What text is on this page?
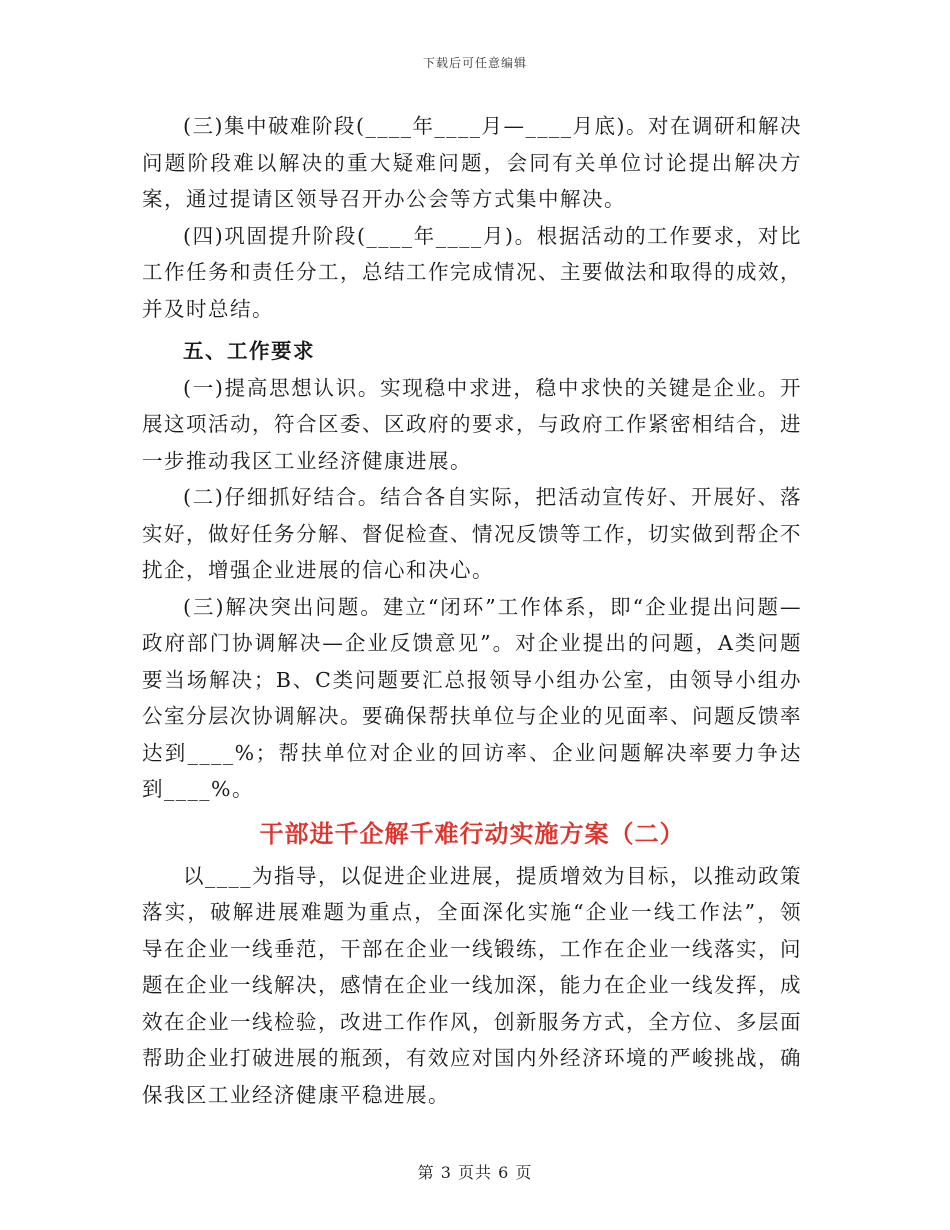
下载后可任意编辑

(三)集中破难阶段(____年____月—____月底)。对在调研和解决问题阶段难以解决的重大疑难问题，会同有关单位讨论提出解决方案，通过提请区领导召开办公会等方式集中解决。

(四)巩固提升阶段(____年____月)。根据活动的工作要求，对比工作任务和责任分工，总结工作完成情况、主要做法和取得的成效，并及时总结。

五、工作要求

(一)提高思想认识。实现稳中求进，稳中求快的关键是企业。开展这项活动，符合区委、区政府的要求，与政府工作紧密相结合，进一步推动我区工业经济健康进展。

(二)仔细抓好结合。结合各自实际，把活动宣传好、开展好、落实好，做好任务分解、督促检查、情况反馈等工作，切实做到帮企不扰企，增强企业进展的信心和决心。

(三)解决突出问题。建立“闭环”工作体系，即“企业提出问题—政府部门协调解决—企业反馈意见”。对企业提出的问题，A类问题要当场解决；B、C类问题要汇总报领导小组办公室，由领导小组办公室分层次协调解决。要确保帮扶单位与企业的见面率、问题反馈率达到____%；帮扶单位对企业的回访率、企业问题解决率要力争达到____%。

干部进千企解千难行动实施方案（二）

以____为指导，以促进企业进展，提质增效为目标，以推动政策落实，破解进展难题为重点，全面深化实施“企业一线工作法”，领导在企业一线垂范，干部在企业一线锻练，工作在企业一线落实，问题在企业一线解决，感情在企业一线加深，能力在企业一线发挥，成效在企业一线检验，改进工作作风，创新服务方式，全方位、多层面帮助企业打破进展的瓶颈，有效应对国内外经济环境的严峻挑战，确保我区工业经济健康平稳进展。

第 3 页共 6 页
